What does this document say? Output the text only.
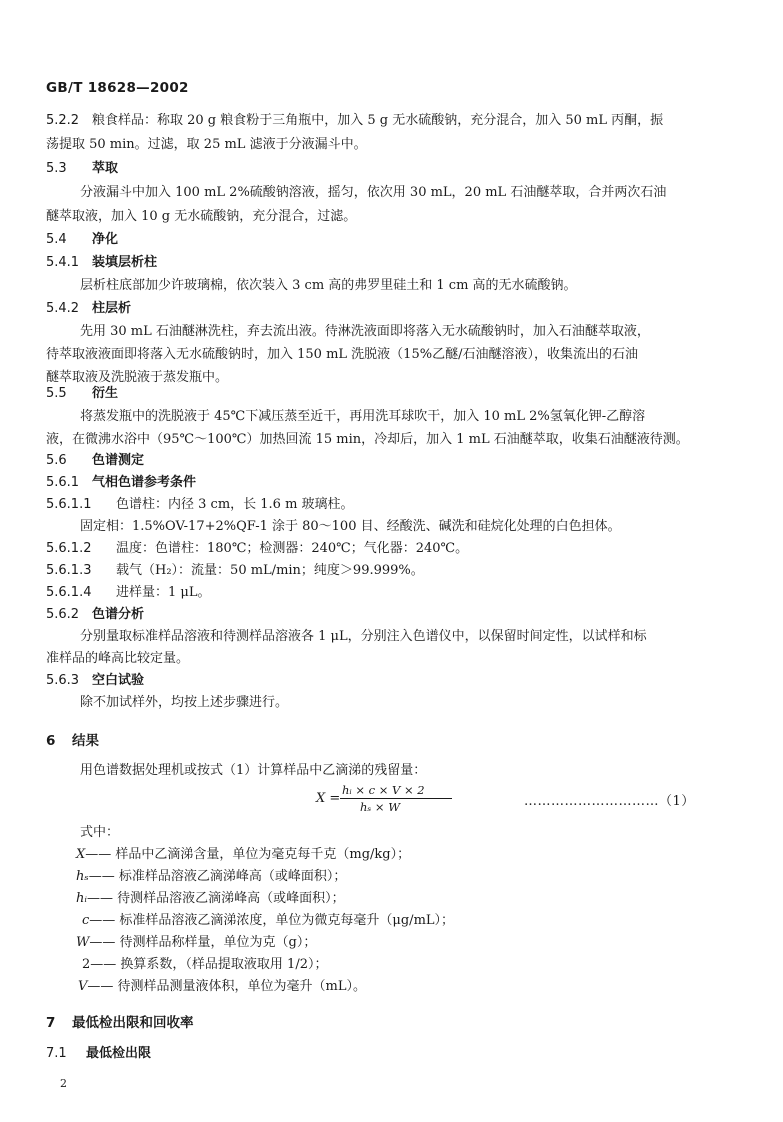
GB/T 18628—2002
5.2.2 粮食样品：称取 20 g 粮食粉于三角瓶中，加入 5 g 无水硫酸钠，充分混合，加入 50 mL 丙酮，振
荡提取 50 min。过滤，取 25 mL 滤液于分液漏斗中。
5.3 萃取
分液漏斗中加入 100 mL 2%硫酸钠溶液，摇匀，依次用 30 mL，20 mL 石油醚萃取，合并两次石油
醚萃取液，加入 10 g 无水硫酸钠，充分混合，过滤。
5.4 净化
5.4.1 装填层析柱
层析柱底部加少许玻璃棉，依次装入 3 cm 高的弗罗里硅土和 1 cm 高的无水硫酸钠。
5.4.2 柱层析
先用 30 mL 石油醚淋洗柱，弃去流出液。待淋洗液面即将落入无水硫酸钠时，加入石油醚萃取液，
待萃取液液面即将落入无水硫酸钠时，加入 150 mL 洗脱液（15%乙醚/石油醚溶液），收集流出的石油
醚萃取液及洗脱液于蒸发瓶中。
5.5 衍生
将蒸发瓶中的洗脱液于 45℃下减压蒸至近干，再用洗耳球吹干，加入 10 mL 2%氢氧化钾-乙醇溶
液，在微沸水浴中（95℃～100℃）加热回流 15 min，冷却后，加入 1 mL 石油醚萃取，收集石油醚液待测。
5.6 色谱测定
5.6.1 气相色谱参考条件
5.6.1.1 色谱柱：内径 3 cm，长 1.6 m 玻璃柱。
固定相：1.5%OV-17+2%QF-1 涂于 80～100 目、经酸洗、碱洗和硅烷化处理的白色担体。
5.6.1.2 温度：色谱柱：180℃；检测器：240℃；气化器：240℃。
5.6.1.3 载气（H₂）：流量：50 mL/min；纯度＞99.999%。
5.6.1.4 进样量：1 μL。
5.6.2 色谱分析
分别量取标准样品溶液和待测样品溶液各 1 μL，分别注入色谱仪中，以保留时间定性，以试样和标
准样品的峰高比较定量。
5.6.3 空白试验
除不加试样外，均按上述步骤进行。
6 结果
用色谱数据处理机或按式（1）计算样品中乙滴涕的残留量：
X =
hᵢ × c × V × 2
hₛ × W	…………………………（1）
式中：
X—— 样品中乙滴涕含量，单位为毫克每千克（mg/kg）；
hₛ—— 标准样品溶液乙滴涕峰高（或峰面积）；
hᵢ—— 待测样品溶液乙滴涕峰高（或峰面积）；
c—— 标准样品溶液乙滴涕浓度，单位为微克每毫升（μg/mL）；
W—— 待测样品称样量，单位为克（g）；
2—— 换算系数，（样品提取液取用 1/2）；
V—— 待测样品测量液体积，单位为毫升（mL）。
7 最低检出限和回收率
7.1 最低检出限
2
